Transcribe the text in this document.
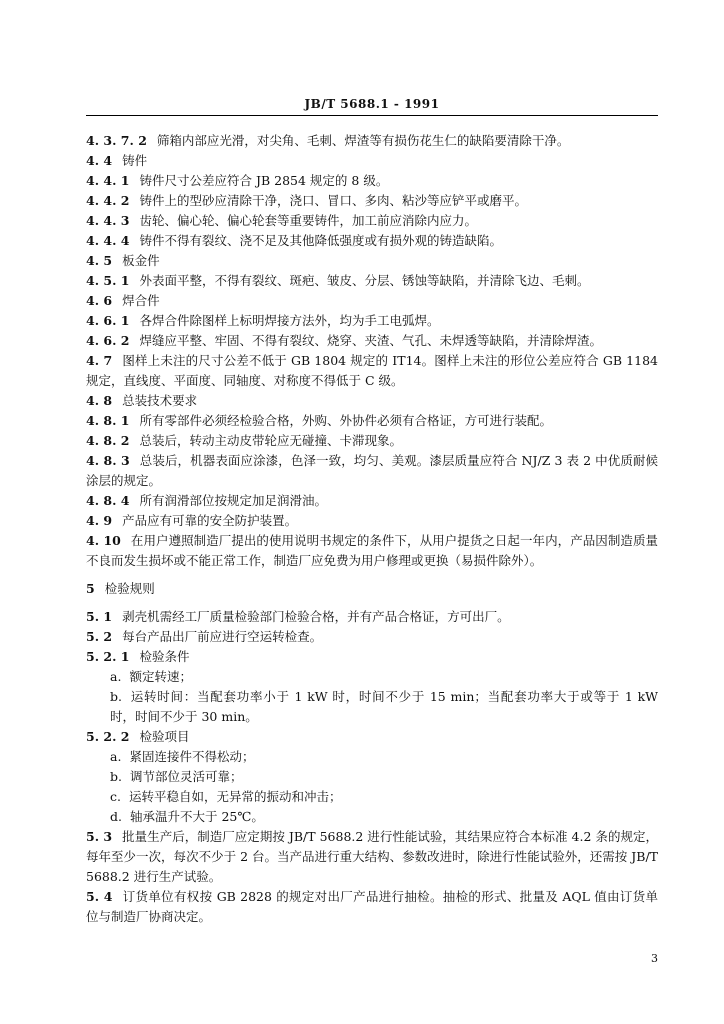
JB/T 5688.1 - 1991
4. 3. 7. 2 筛箱内部应光滑，对尖角、毛刺、焊渣等有损伤花生仁的缺陷要清除干净。
4. 4 铸件
4. 4. 1 铸件尺寸公差应符合 JB 2854 规定的 8 级。
4. 4. 2 铸件上的型砂应清除干净，浇口、冒口、多肉、粘沙等应铲平或磨平。
4. 4. 3 齿轮、偏心轮、偏心轮套等重要铸件，加工前应消除内应力。
4. 4. 4 铸件不得有裂纹、浇不足及其他降低强度或有损外观的铸造缺陷。
4. 5 板金件
4. 5. 1 外表面平整，不得有裂纹、斑疤、皱皮、分层、锈蚀等缺陷，并清除飞边、毛刺。
4. 6 焊合件
4. 6. 1 各焊合件除图样上标明焊接方法外，均为手工电弧焊。
4. 6. 2 焊缝应平整、牢固、不得有裂纹、烧穿、夹渣、气孔、未焊透等缺陷，并清除焊渣。
4. 7 图样上未注的尺寸公差不低于 GB 1804 规定的 IT14。图样上未注的形位公差应符合 GB 1184 规定，直线度、平面度、同轴度、对称度不得低于 C 级。
4. 8 总装技术要求
4. 8. 1 所有零部件必须经检验合格，外购、外协件必须有合格证，方可进行装配。
4. 8. 2 总装后，转动主动皮带轮应无碰撞、卡滞现象。
4. 8. 3 总装后，机器表面应涂漆，色泽一致，均匀、美观。漆层质量应符合 NJ/Z 3 表 2 中优质耐候涂层的规定。
4. 8. 4 所有润滑部位按规定加足润滑油。
4. 9 产品应有可靠的安全防护装置。
4. 10 在用户遵照制造厂提出的使用说明书规定的条件下，从用户提货之日起一年内，产品因制造质量不良而发生损坏或不能正常工作，制造厂应免费为用户修理或更换（易损件除外）。
5 检验规则
5. 1 剥壳机需经工厂质量检验部门检验合格，并有产品合格证，方可出厂。
5. 2 每台产品出厂前应进行空运转检查。
5. 2. 1 检验条件
a. 额定转速；
b. 运转时间：当配套功率小于 1 kW 时，时间不少于 15 min；当配套功率大于或等于 1 kW 时，时间不少于 30 min。
5. 2. 2 检验项目
a. 紧固连接件不得松动；
b. 调节部位灵活可靠；
c. 运转平稳自如，无异常的振动和冲击；
d. 轴承温升不大于 25℃。
5. 3 批量生产后，制造厂应定期按 JB/T 5688.2 进行性能试验，其结果应符合本标准 4.2 条的规定，每年至少一次，每次不少于 2 台。当产品进行重大结构、参数改进时，除进行性能试验外，还需按 JB/T 5688.2 进行生产试验。
5. 4 订货单位有权按 GB 2828 的规定对出厂产品进行抽检。抽检的形式、批量及 AQL 值由订货单位与制造厂协商决定。
3
